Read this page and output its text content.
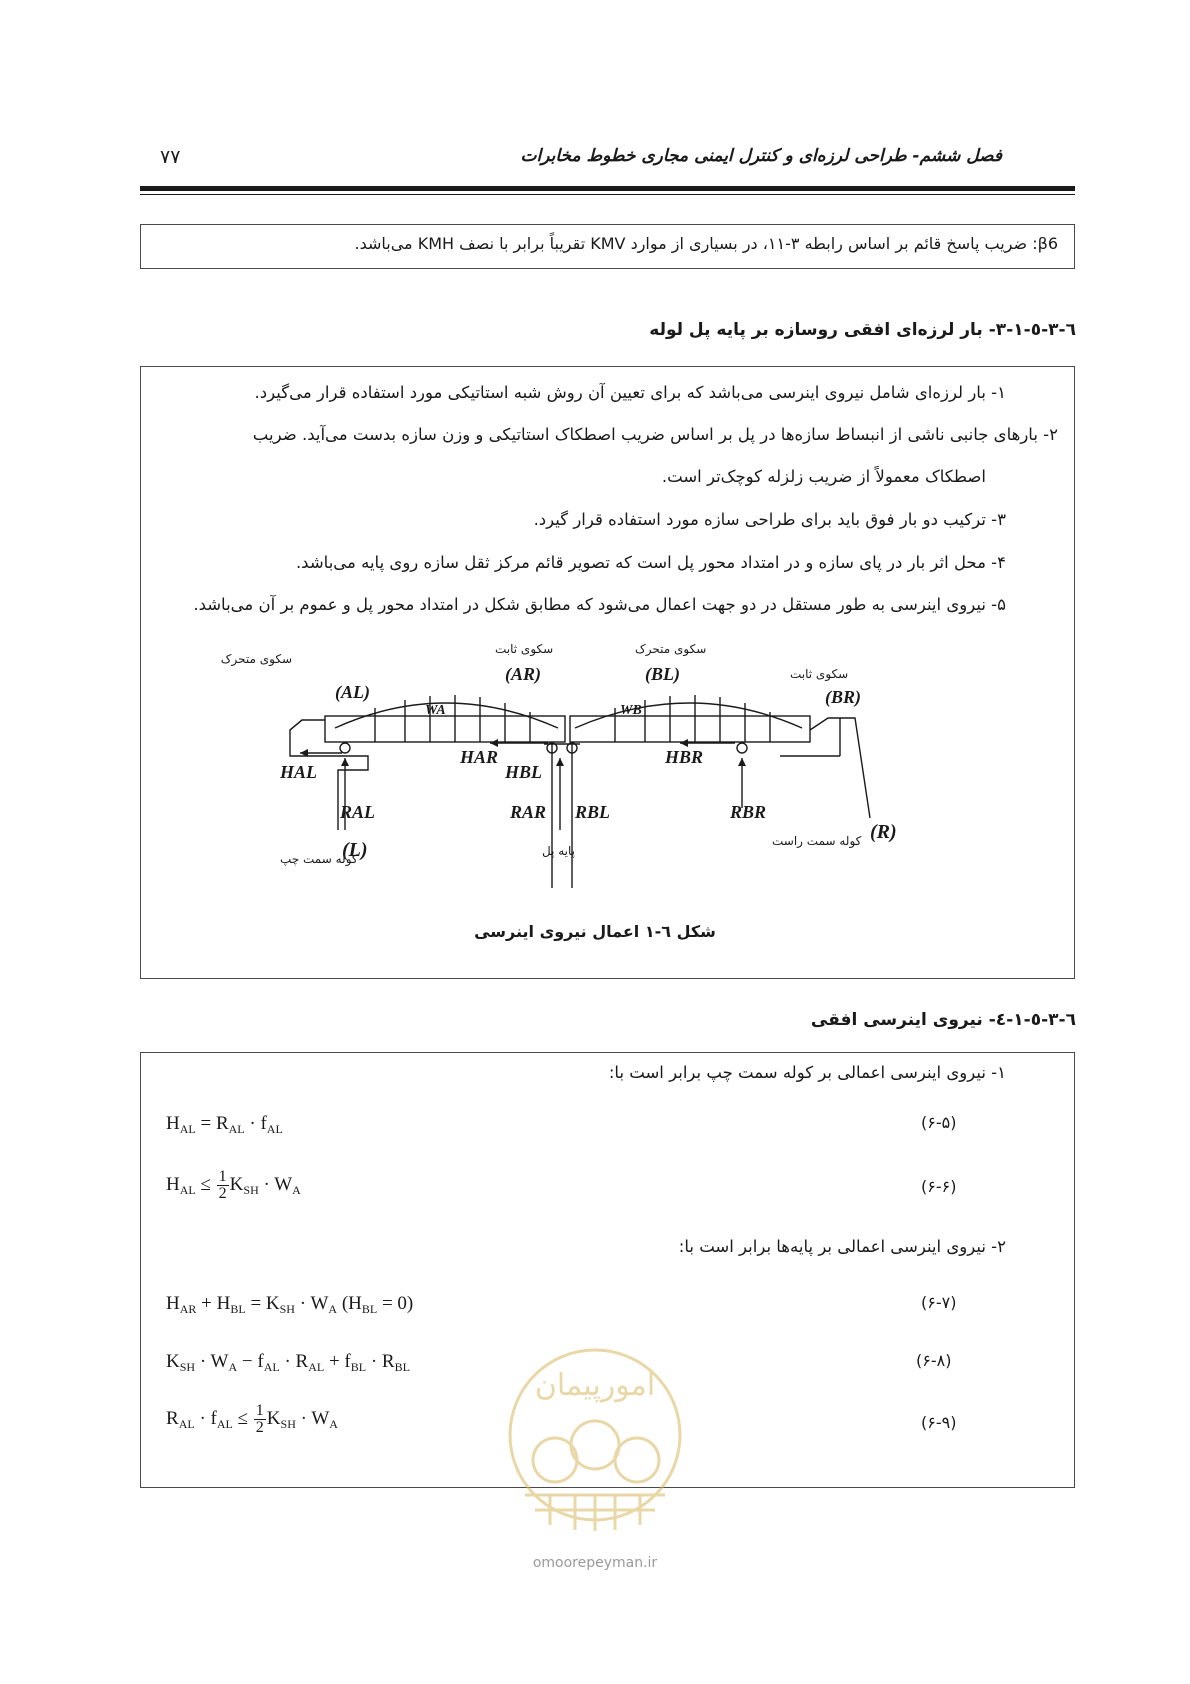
۷۷	فصل ششم- طراحی لرزه‌ای و کنترل ایمنی مجاری خطوط مخابرات
β6: ضریب پاسخ قائم بر اساس رابطه ۳-۱۱، در بسیاری از موارد KMV تقریباً برابر با نصف KMH می‌باشد.
٦-٣-٥-١-٣- بار لرزه‌ای افقی روسازه بر پایه پل لوله
١- بار لرزه‌ای شامل نیروی اینرسی می‌باشد که برای تعیین آن روش شبه استاتیکی مورد استفاده قرار می‌گیرد.
٢- بارهای جانبی ناشی از انبساط سازه‌ها در پل بر اساس ضریب اصطکاک استاتیکی و وزن سازه بدست می‌آید. ضریب
اصطکاک معمولاً از ضریب زلزله کوچک‌تر است.
٣- ترکیب دو بار فوق باید برای طراحی سازه مورد استفاده قرار گیرد.
۴- محل اثر بار در پای سازه و در امتداد محور پل است که تصویر قائم مرکز ثقل سازه روی پایه می‌باشد.
۵- نیروی اینرسی به طور مستقل در دو جهت اعمال می‌شود که مطابق شکل در امتداد محور پل و عموم بر آن می‌باشد.
سکوی متحرک
سکوی ثابت	سکوی متحرک
سکوی ثابت
(AL)
(AR)	(BL)
(BR)
WA	WB
HAL
HAR
HBL
HBR
RAL	RAR RBL	RBR
(L)
(R)
کوله سمت چپ
پایه پل
کوله سمت راست
شکل ٦-١ اعمال نیروی اینرسی
٦-٣-٥-١-٤- نیروی اینرسی افقی
١- نیروی اینرسی اعمالی بر کوله سمت چپ برابر است با:
$H_{AL} = R_{AL} \cdot f_{AL}$	(۶-۵)
$H_{AL} \le \frac{1}{2} K_{SH} \cdot W_A$	(۶-۶)
٢- نیروی اینرسی اعمالی بر پایه‌ها برابر است با:
$H_{AR} + H_{BL} = K_{SH} \cdot W_A$ $(H_{BL} = 0)$	(۶-۷)
$K_{SH} \cdot W_A - f_{AL} \cdot R_{AL} + f_{BL} \cdot R_{BL}$	(۶-۸)
$R_{AL} \cdot f_{AL} \le \frac{1}{2} K_{SH} \cdot W_A$	(۶-۹)
امورپیمان
omoorepeyman.ir
